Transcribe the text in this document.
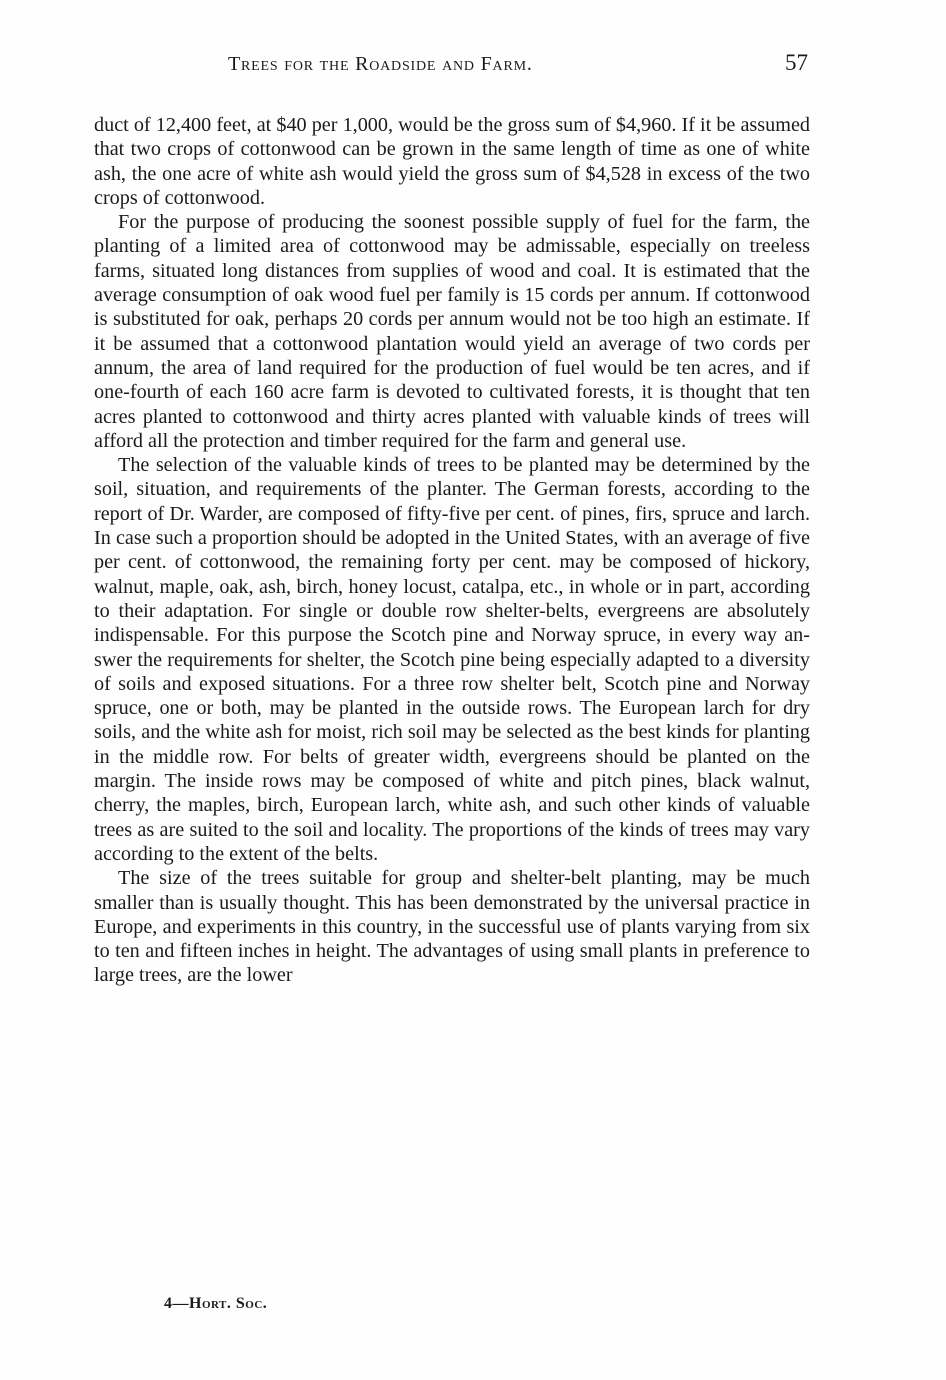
Trees for the Roadside and Farm.	57

duct of 12,400 feet, at $40 per 1,000, would be the gross sum of $4,960. If it be assumed that two crops of cottonwood can be grown in the same length of time as one of white ash, the one acre of white ash would yield the gross sum of $4,528 in excess of the two crops of cottonwood.

For the purpose of producing the soonest possible supply of fuel for the farm, the planting of a limited area of cottonwood may be admissable, especially on treeless farms, situated long distances from supplies of wood and coal. It is estimated that the average consumption of oak wood fuel per family is 15 cords per annum. If cottonwood is substituted for oak, perhaps 20 cords per annum would not be too high an estimate. If it be assumed that a cottonwood plantation would yield an average of two cords per annum, the area of land required for the production of fuel would be ten acres, and if one-fourth of each 160 acre farm is devoted to cultivated forests, it is thought that ten acres planted to cottonwood and thirty acres planted with valuable kinds of trees will afford all the protection and timber required for the farm and general use.

The selection of the valuable kinds of trees to be planted may be determined by the soil, situation, and requirements of the planter. The German forests, according to the report of Dr. Warder, are composed of fifty-five per cent. of pines, firs, spruce and larch. In case such a proportion should be adopted in the United States, with an average of five per cent. of cottonwood, the remaining forty per cent. may be composed of hickory, walnut, maple, oak, ash, birch, honey locust, catalpa, etc., in whole or in part, according to their adaptation. For single or double row shelter-belts, evergreens are absolutely indispensable. For this purpose the Scotch pine and Norway spruce, in every way answer the requirements for shelter, the Scotch pine being especially adapted to a diversity of soils and exposed situations. For a three row shelter belt, Scotch pine and Norway spruce, one or both, may be planted in the outside rows. The European larch for dry soils, and the white ash for moist, rich soil may be selected as the best kinds for planting in the middle row. For belts of greater width, evergreens should be planted on the margin. The inside rows may be composed of white and pitch pines, black walnut, cherry, the maples, birch, European larch, white ash, and such other kinds of valuable trees as are suited to the soil and locality. The proportions of the kinds of trees may vary according to the extent of the belts.

The size of the trees suitable for group and shelter-belt planting, may be much smaller than is usually thought. This has been demonstrated by the universal practice in Europe, and experiments in this country, in the successful use of plants varying from six to ten and fifteen inches in height. The advantages of using small plants in preference to large trees, are the lower

4—Hort. Soc.
